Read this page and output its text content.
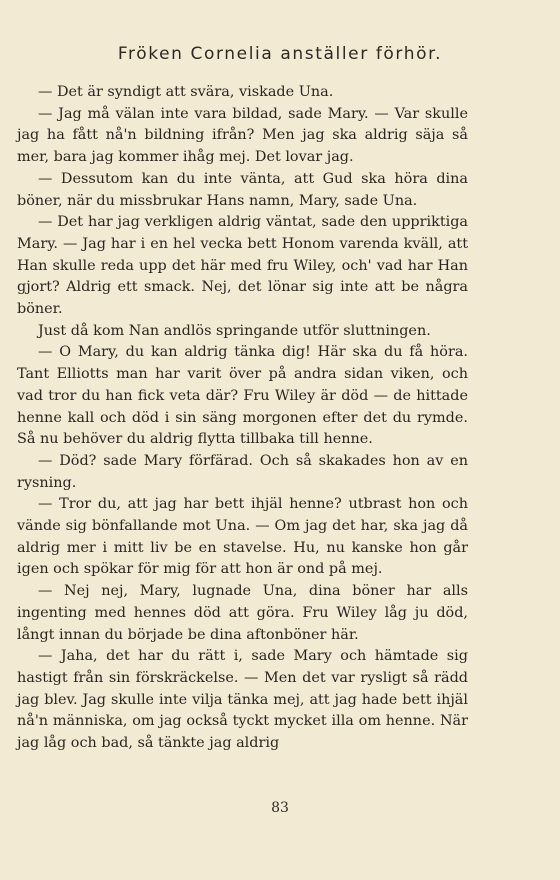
Fröken Cornelia anställer förhör.

— Det är syndigt att svära, viskade Una.

— Jag må välan inte vara bildad, sade Mary. — Var skulle jag ha fått nå'n bildning ifrån? Men jag ska aldrig säja så mer, bara jag kommer ihåg mej. Det lovar jag.

— Dessutom kan du inte vänta, att Gud ska höra dina böner, när du missbrukar Hans namn, Mary, sade Una.

— Det har jag verkligen aldrig väntat, sade den uppriktiga Mary. — Jag har i en hel vecka bett Honom varenda kväll, att Han skulle reda upp det här med fru Wiley, och' vad har Han gjort? Aldrig ett smack. Nej, det lönar sig inte att be några böner.

Just då kom Nan andlös springande utför sluttningen.

— O Mary, du kan aldrig tänka dig! Här ska du få höra. Tant Elliotts man har varit över på andra sidan viken, och vad tror du han fick veta där? Fru Wiley är död — de hittade henne kall och död i sin säng morgonen efter det du rymde. Så nu behöver du aldrig flytta tillbaka till henne.

— Död? sade Mary förfärad. Och så skakades hon av en rysning.

— Tror du, att jag har bett ihjäl henne? utbrast hon och vände sig bönfallande mot Una. — Om jag det har, ska jag då aldrig mer i mitt liv be en stavelse. Hu, nu kanske hon går igen och spökar för mig för att hon är ond på mej.

— Nej nej, Mary, lugnade Una, dina böner har alls ingenting med hennes död att göra. Fru Wiley låg ju död, långt innan du började be dina aftonböner här.

— Jaha, det har du rätt i, sade Mary och hämtade sig hastigt från sin förskräckelse. — Men det var rysligt så rädd jag blev. Jag skulle inte vilja tänka mej, att jag hade bett ihjäl nå'n människa, om jag också tyckt mycket illa om henne. När jag låg och bad, så tänkte jag aldrig

83
